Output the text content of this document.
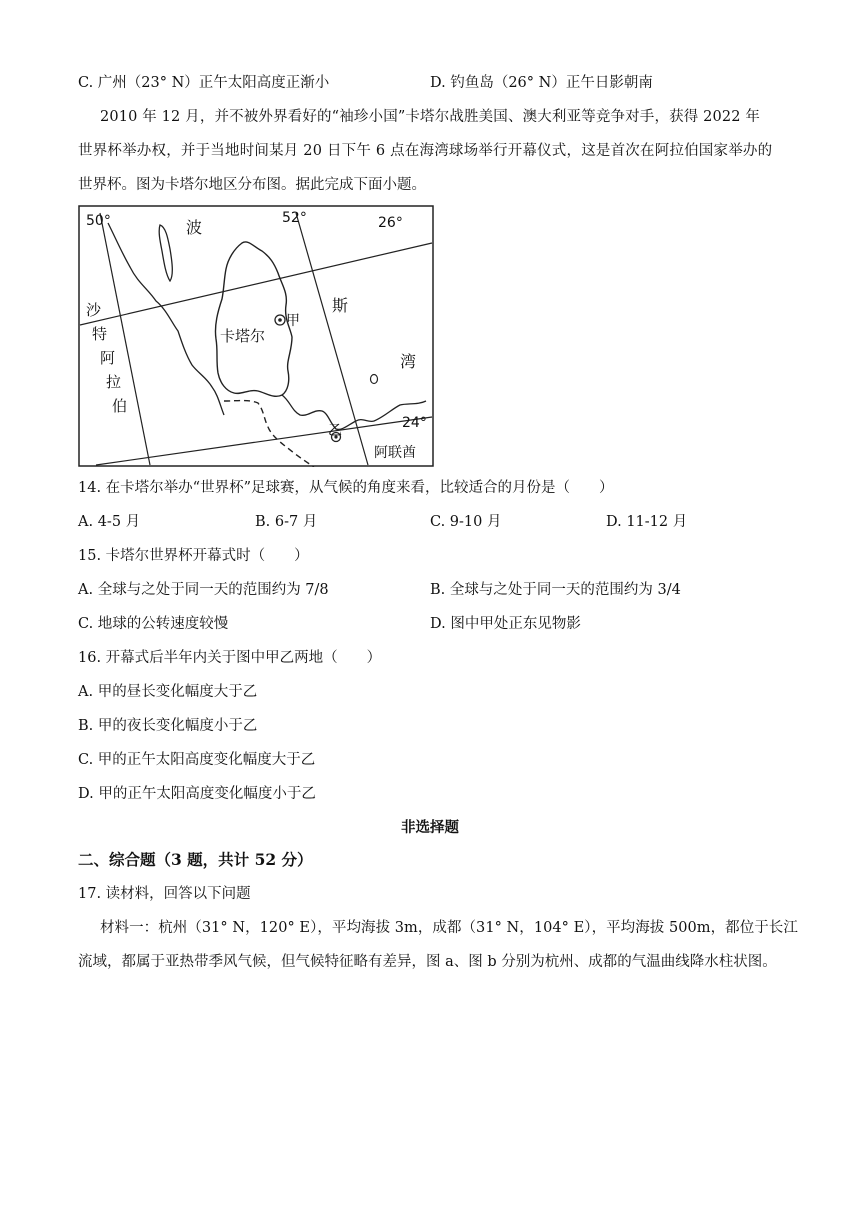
C. 广州（23° N）正午太阳高度正渐小	D. 钓鱼岛（26° N）正午日影朝南
2010 年 12 月，并不被外界看好的“袖珍小国”卡塔尔战胜美国、澳大利亚等竞争对手，获得 2022 年
世界杯举办权，并于当地时间某月 20 日下午 6 点在海湾球场举行开幕仪式，这是首次在阿拉伯国家举办的
世界杯。图为卡塔尔地区分布图。据此完成下面小题。
50°	52°	26°
24°
波
斯
湾
卡塔尔
甲
乙
阿联酋
沙
特
阿
拉
伯
14. 在卡塔尔举办“世界杯”足球赛，从气候的角度来看，比较适合的月份是（　　）
A. 4-5 月	B. 6-7 月	C. 9-10 月	D. 11-12 月
15. 卡塔尔世界杯开幕式时（　　）
A. 全球与之处于同一天的范围约为 7/8	B. 全球与之处于同一天的范围约为 3/4
C. 地球的公转速度较慢	D. 图中甲处正东见物影
16. 开幕式后半年内关于图中甲乙两地（　　）
A. 甲的昼长变化幅度大于乙
B. 甲的夜长变化幅度小于乙
C. 甲的正午太阳高度变化幅度大于乙
D. 甲的正午太阳高度变化幅度小于乙
非选择题
二、综合题（3 题，共计 52 分）
17. 读材料，回答以下问题
材料一：杭州（31° N，120° E），平均海拔 3m，成都（31° N，104° E），平均海拔 500m，都位于长江
流域，都属于亚热带季风气候，但气候特征略有差异，图 a、图 b 分别为杭州、成都的气温曲线降水柱状图。
